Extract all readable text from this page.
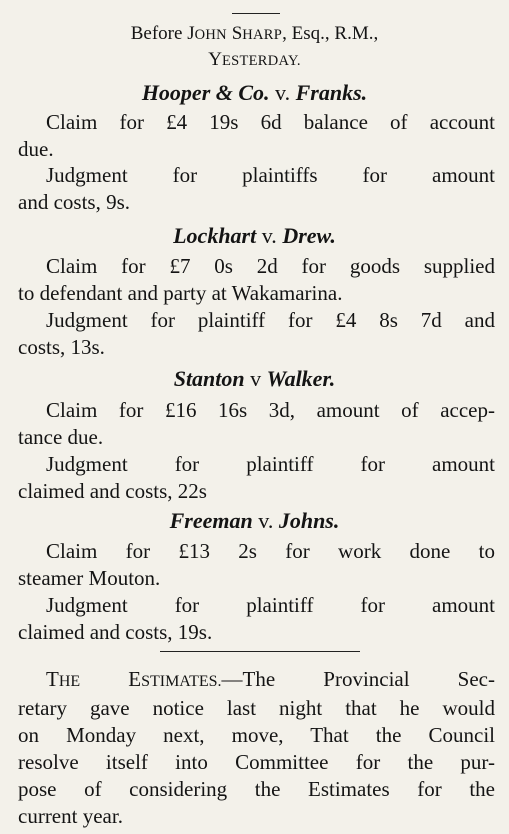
Before JOHN SHARP, Esq., R.M.,
YESTERDAY.
Hooper & Co. v. Franks.
Claim for £4 19s 6d balance of account
due.
Judgment for plaintiffs for amount
and costs, 9s.
Lockhart v. Drew.
Claim for £7 0s 2d for goods supplied
to defendant and party at Wakamarina.
Judgment for plaintiff for £4 8s 7d and
costs, 13s.
Stanton v Walker.
Claim for £16 16s 3d, amount of accep-
tance due.
Judgment for plaintiff for amount
claimed and costs, 22s
Freeman v. Johns.
Claim for £13 2s for work done to
steamer Mouton.
Judgment for plaintiff for amount
claimed and costs, 19s.
THE ESTIMATES.—The Provincial Sec-
retary gave notice last night that he would
on Monday next, move, That the Council
resolve itself into Committee for the pur-
pose of considering the Estimates for the
current year.
